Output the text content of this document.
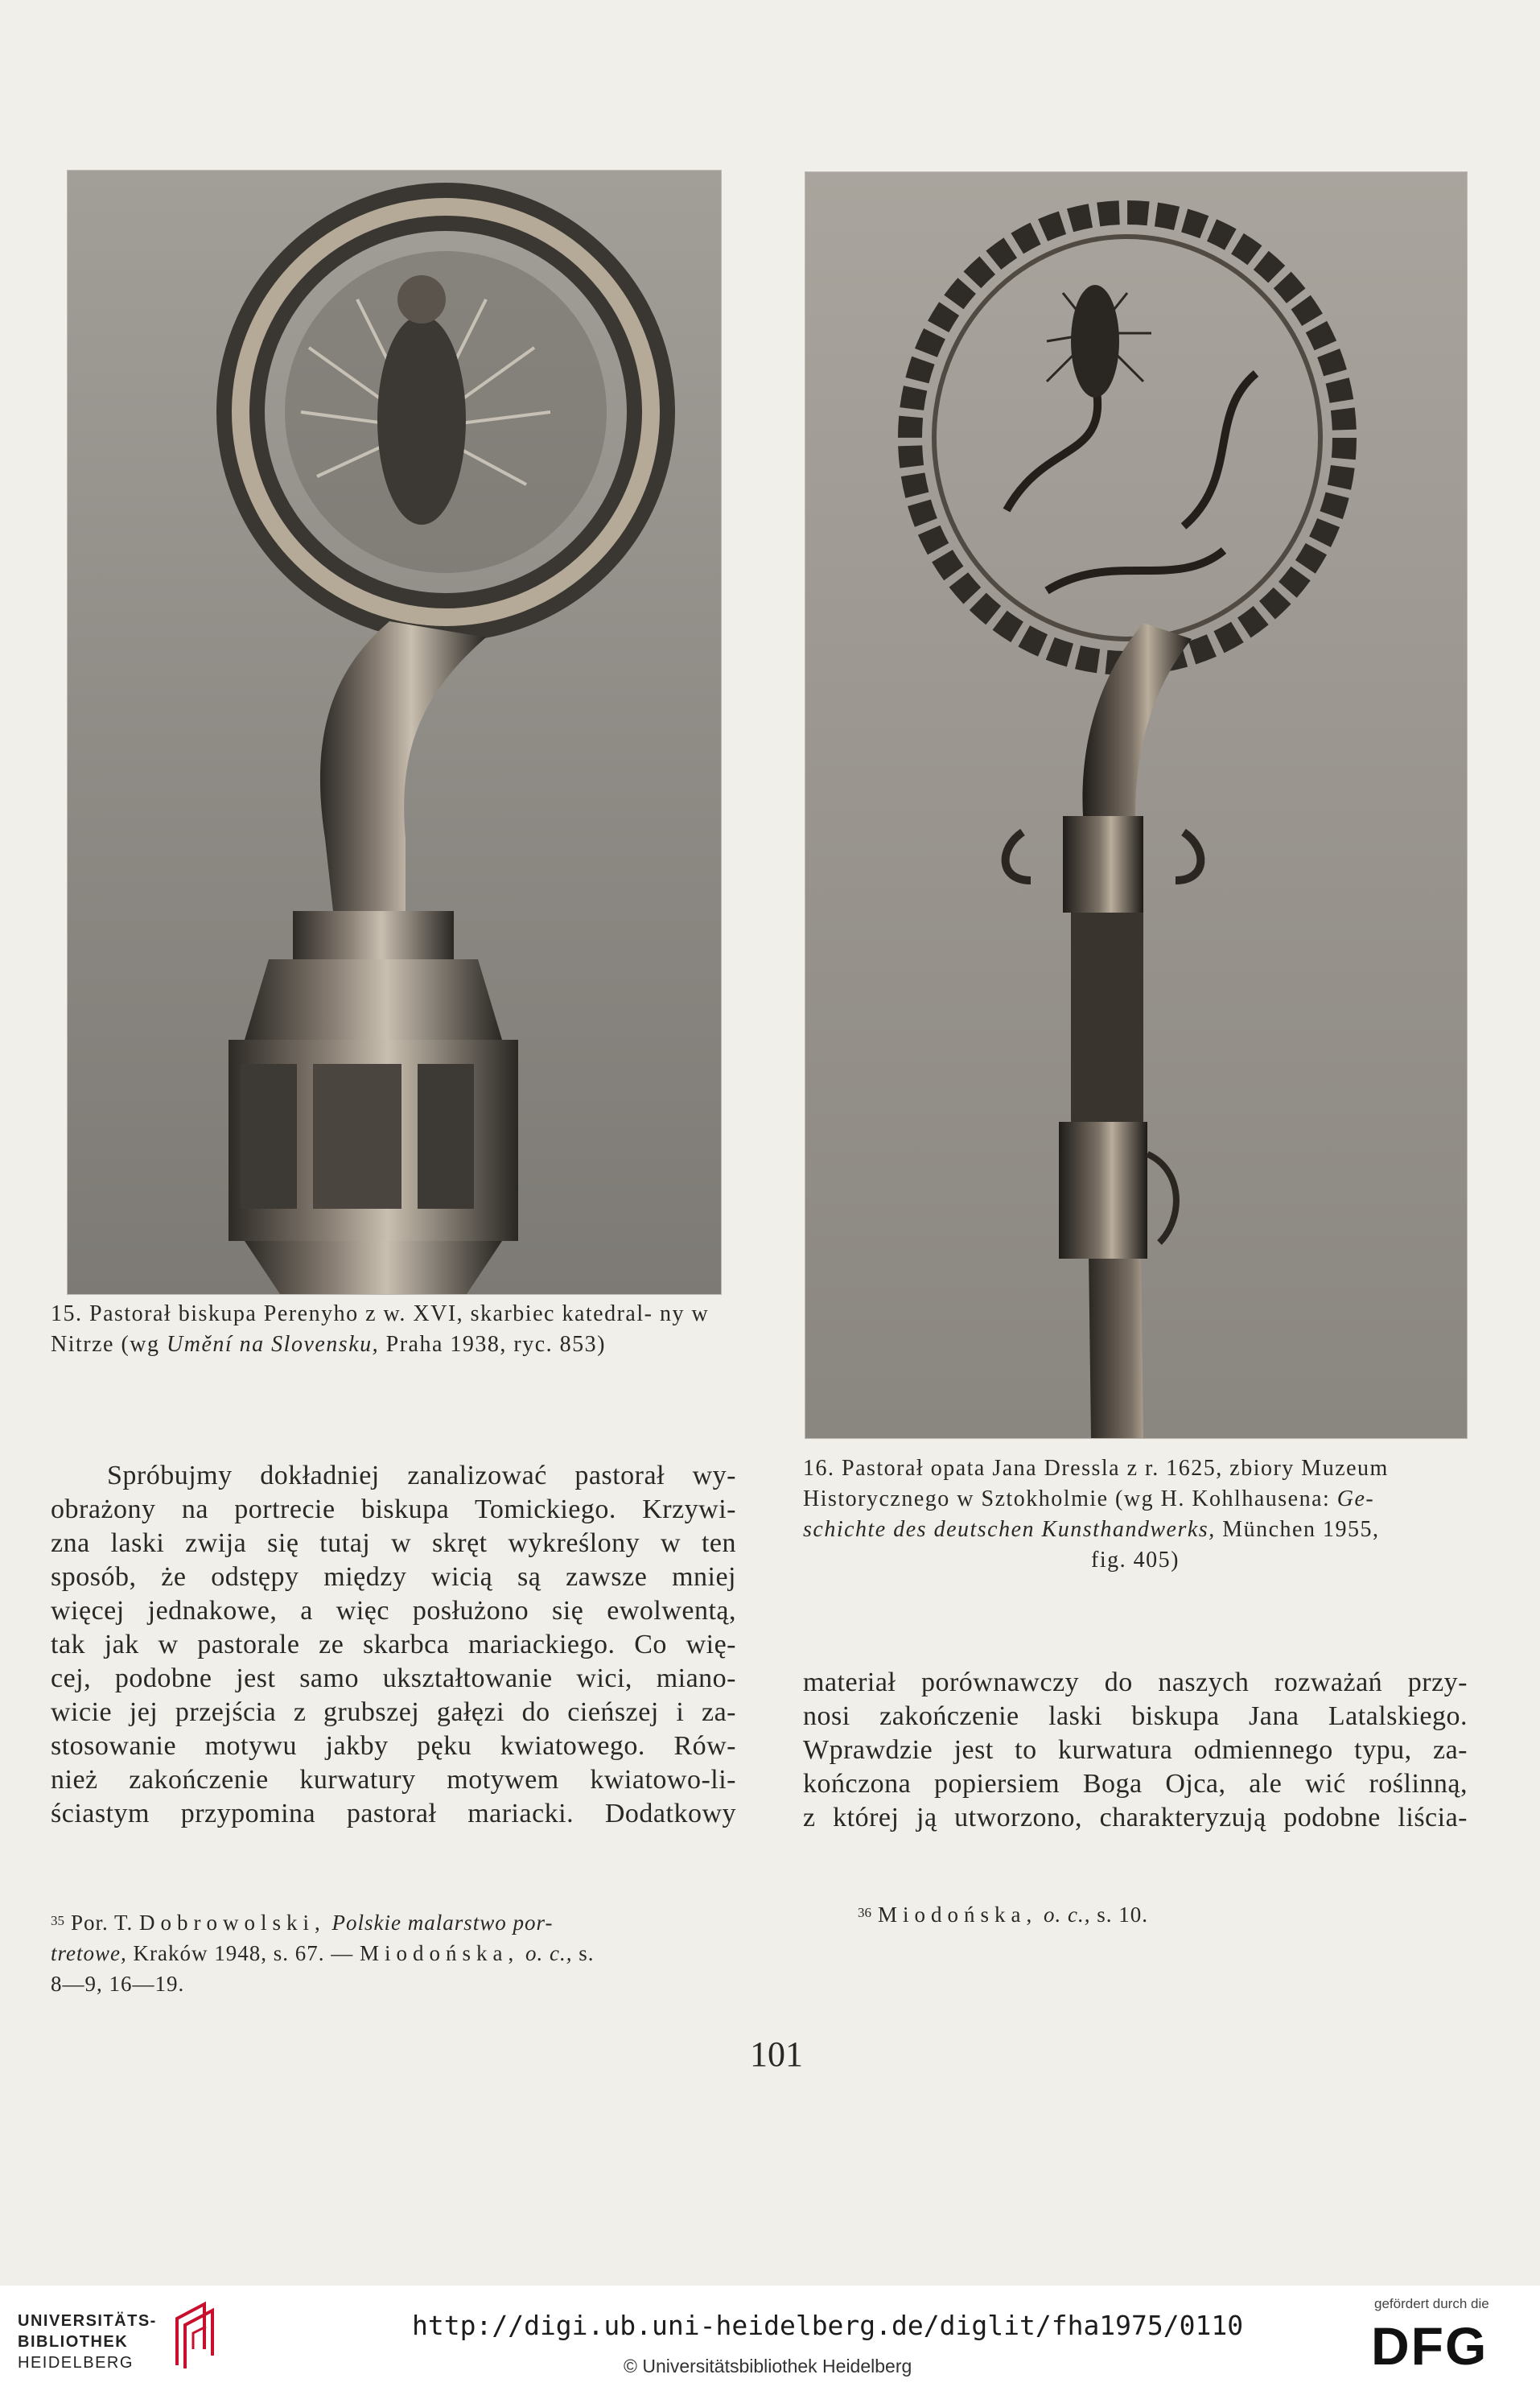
15. Pastorał biskupa Perenyho z w. XVI, skarbiec katedral- ny w Nitrze (wg Umění na Slovensku, Praha 1938, ryc. 853)
16. Pastorał opata Jana Dressla z r. 1625, zbiory Muzeum
Historycznego w Sztokholmie (wg H. Kohlhausena: Ge-
schichte des deutschen Kunsthandwerks, München 1955,
fig. 405)
Spróbujmy dokładniej zanalizować pastorał wy-
obrażony na portrecie biskupa Tomickiego. Krzywi-
zna laski zwija się tutaj w skręt wykreślony w ten
sposób, że odstępy między wicią są zawsze mniej
więcej jednakowe, a więc posłużono się ewolwentą,
tak jak w pastorale ze skarbca mariackiego. Co wię-
cej, podobne jest samo ukształtowanie wici, miano-
wicie jej przejścia z grubszej gałęzi do cieńszej i za-
stosowanie motywu jakby pęku kwiatowego. Rów-
nież zakończenie kurwatury motywem kwiatowo-li-
ściastym przypomina pastorał mariacki. Dodatkowy
materiał porównawczy do naszych rozważań przy-
nosi zakończenie laski biskupa Jana Latalskiego.
Wprawdzie jest to kurwatura odmiennego typu, za-
kończona popiersiem Boga Ojca, ale wić roślinną,
z której ją utworzono, charakteryzują podobne liścia-
$^{35}$ Por. T. Dobrowolski, Polskie malarstwo por-
tretowe, Kraków 1948, s. 67. — Miodońska, o. c., s.
8—9, 16—19.
$^{36}$ Miodońska, o. c., s. 10.
101
UNIVERSITÄTS-
BIBLIOTHEK
HEIDELBERG
http://digi.ub.uni-heidelberg.de/diglit/fha1975/0110
© Universitätsbibliothek Heidelberg
gefördert durch die
DFG
